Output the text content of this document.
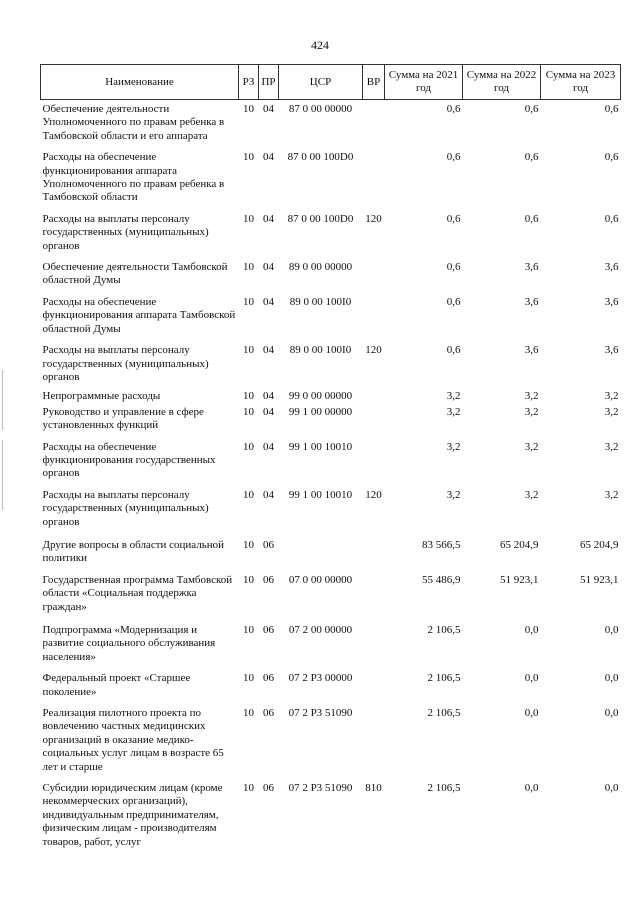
424
Наименование	РЗ	ПР	ЦСР	ВР	Сумма на 2021 год	Сумма на 2022 год	Сумма на 2023 год
Обеспечение деятельности Уполномоченного по правам ребенка в Тамбовской области и его аппарата	10	04	87 0 00 00000		0,6	0,6	0,6
Расходы на обеспечение функционирования аппарата Уполномоченного по правам ребенка в Тамбовской области	10	04	87 0 00 100D0		0,6	0,6	0,6
Расходы на выплаты персоналу государственных (муниципальных) органов	10	04	87 0 00 100D0	120	0,6	0,6	0,6
Обеспечение деятельности Тамбовской областной Думы	10	04	89 0 00 00000		0,6	3,6	3,6
Расходы на обеспечение функционирования аппарата Тамбовской областной Думы	10	04	89 0 00 100I0		0,6	3,6	3,6
Расходы на выплаты персоналу государственных (муниципальных) органов	10	04	89 0 00 100I0	120	0,6	3,6	3,6
Непрограммные расходы	10	04	99 0 00 00000		3,2	3,2	3,2
Руководство и управление в сфере установленных функций	10	04	99 1 00 00000		3,2	3,2	3,2
Расходы на обеспечение функционирования государственных органов	10	04	99 1 00 10010		3,2	3,2	3,2
Расходы на выплаты персоналу государственных (муниципальных) органов	10	04	99 1 00 10010	120	3,2	3,2	3,2
Другие вопросы в области социальной политики	10	06			83 566,5	65 204,9	65 204,9
Государственная программа Тамбовской области «Социальная поддержка граждан»	10	06	07 0 00 00000		55 486,9	51 923,1	51 923,1
Подпрограмма «Модернизация и развитие социального обслуживания населения»	10	06	07 2 00 00000		2 106,5	0,0	0,0
Федеральный проект «Старшее поколение»	10	06	07 2 P3 00000		2 106,5	0,0	0,0
Реализация пилотного проекта по вовлечению частных медицинских организаций в оказание медико-социальных услуг лицам в возрасте 65 лет и старше	10	06	07 2 P3 51090		2 106,5	0,0	0,0
Субсидии юридическим лицам (кроме некоммерческих организаций), индивидуальным предпринимателям, физическим лицам - производителям товаров, работ, услуг	10	06	07 2 P3 51090	810	2 106,5	0,0	0,0
